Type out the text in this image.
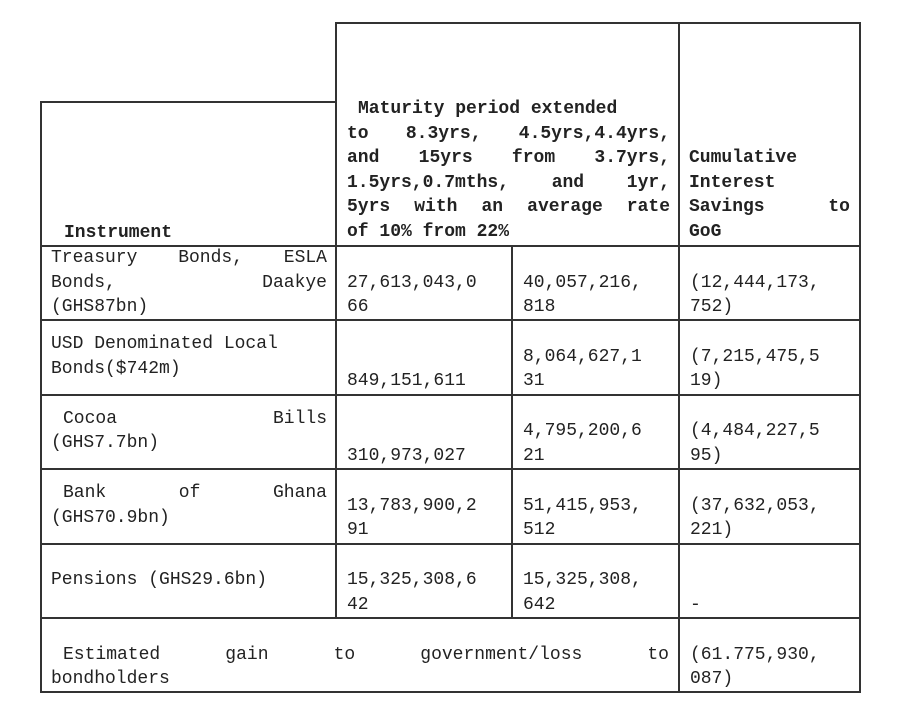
Instrument
Maturity period extended
to 8.3yrs, 4.5yrs,4.4yrs,
and 15yrs from 3.7yrs,
1.5yrs,0.7mths, and 1yr,
5yrs with an average rate
of 10% from 22%
Cumulative
Interest
Savings to
GoG
Treasury Bonds, ESLA
Bonds, Daakye
(GHS87bn)
27,613,043,0
66
40,057,216,
818
(12,444,173,
752)
USD Denominated Local
Bonds($742m)
849,151,611
8,064,627,1
31
(7,215,475,5
19)
Cocoa Bills
(GHS7.7bn)
310,973,027
4,795,200,6
21
(4,484,227,5
95)
Bank of Ghana
(GHS70.9bn)
13,783,900,2
91
51,415,953,
512
(37,632,053,
221)
Pensions (GHS29.6bn)	15,325,308,6
42
15,325,308,
642	-
Estimated gain to government/loss to
bondholders
(61.775,930,
087)
